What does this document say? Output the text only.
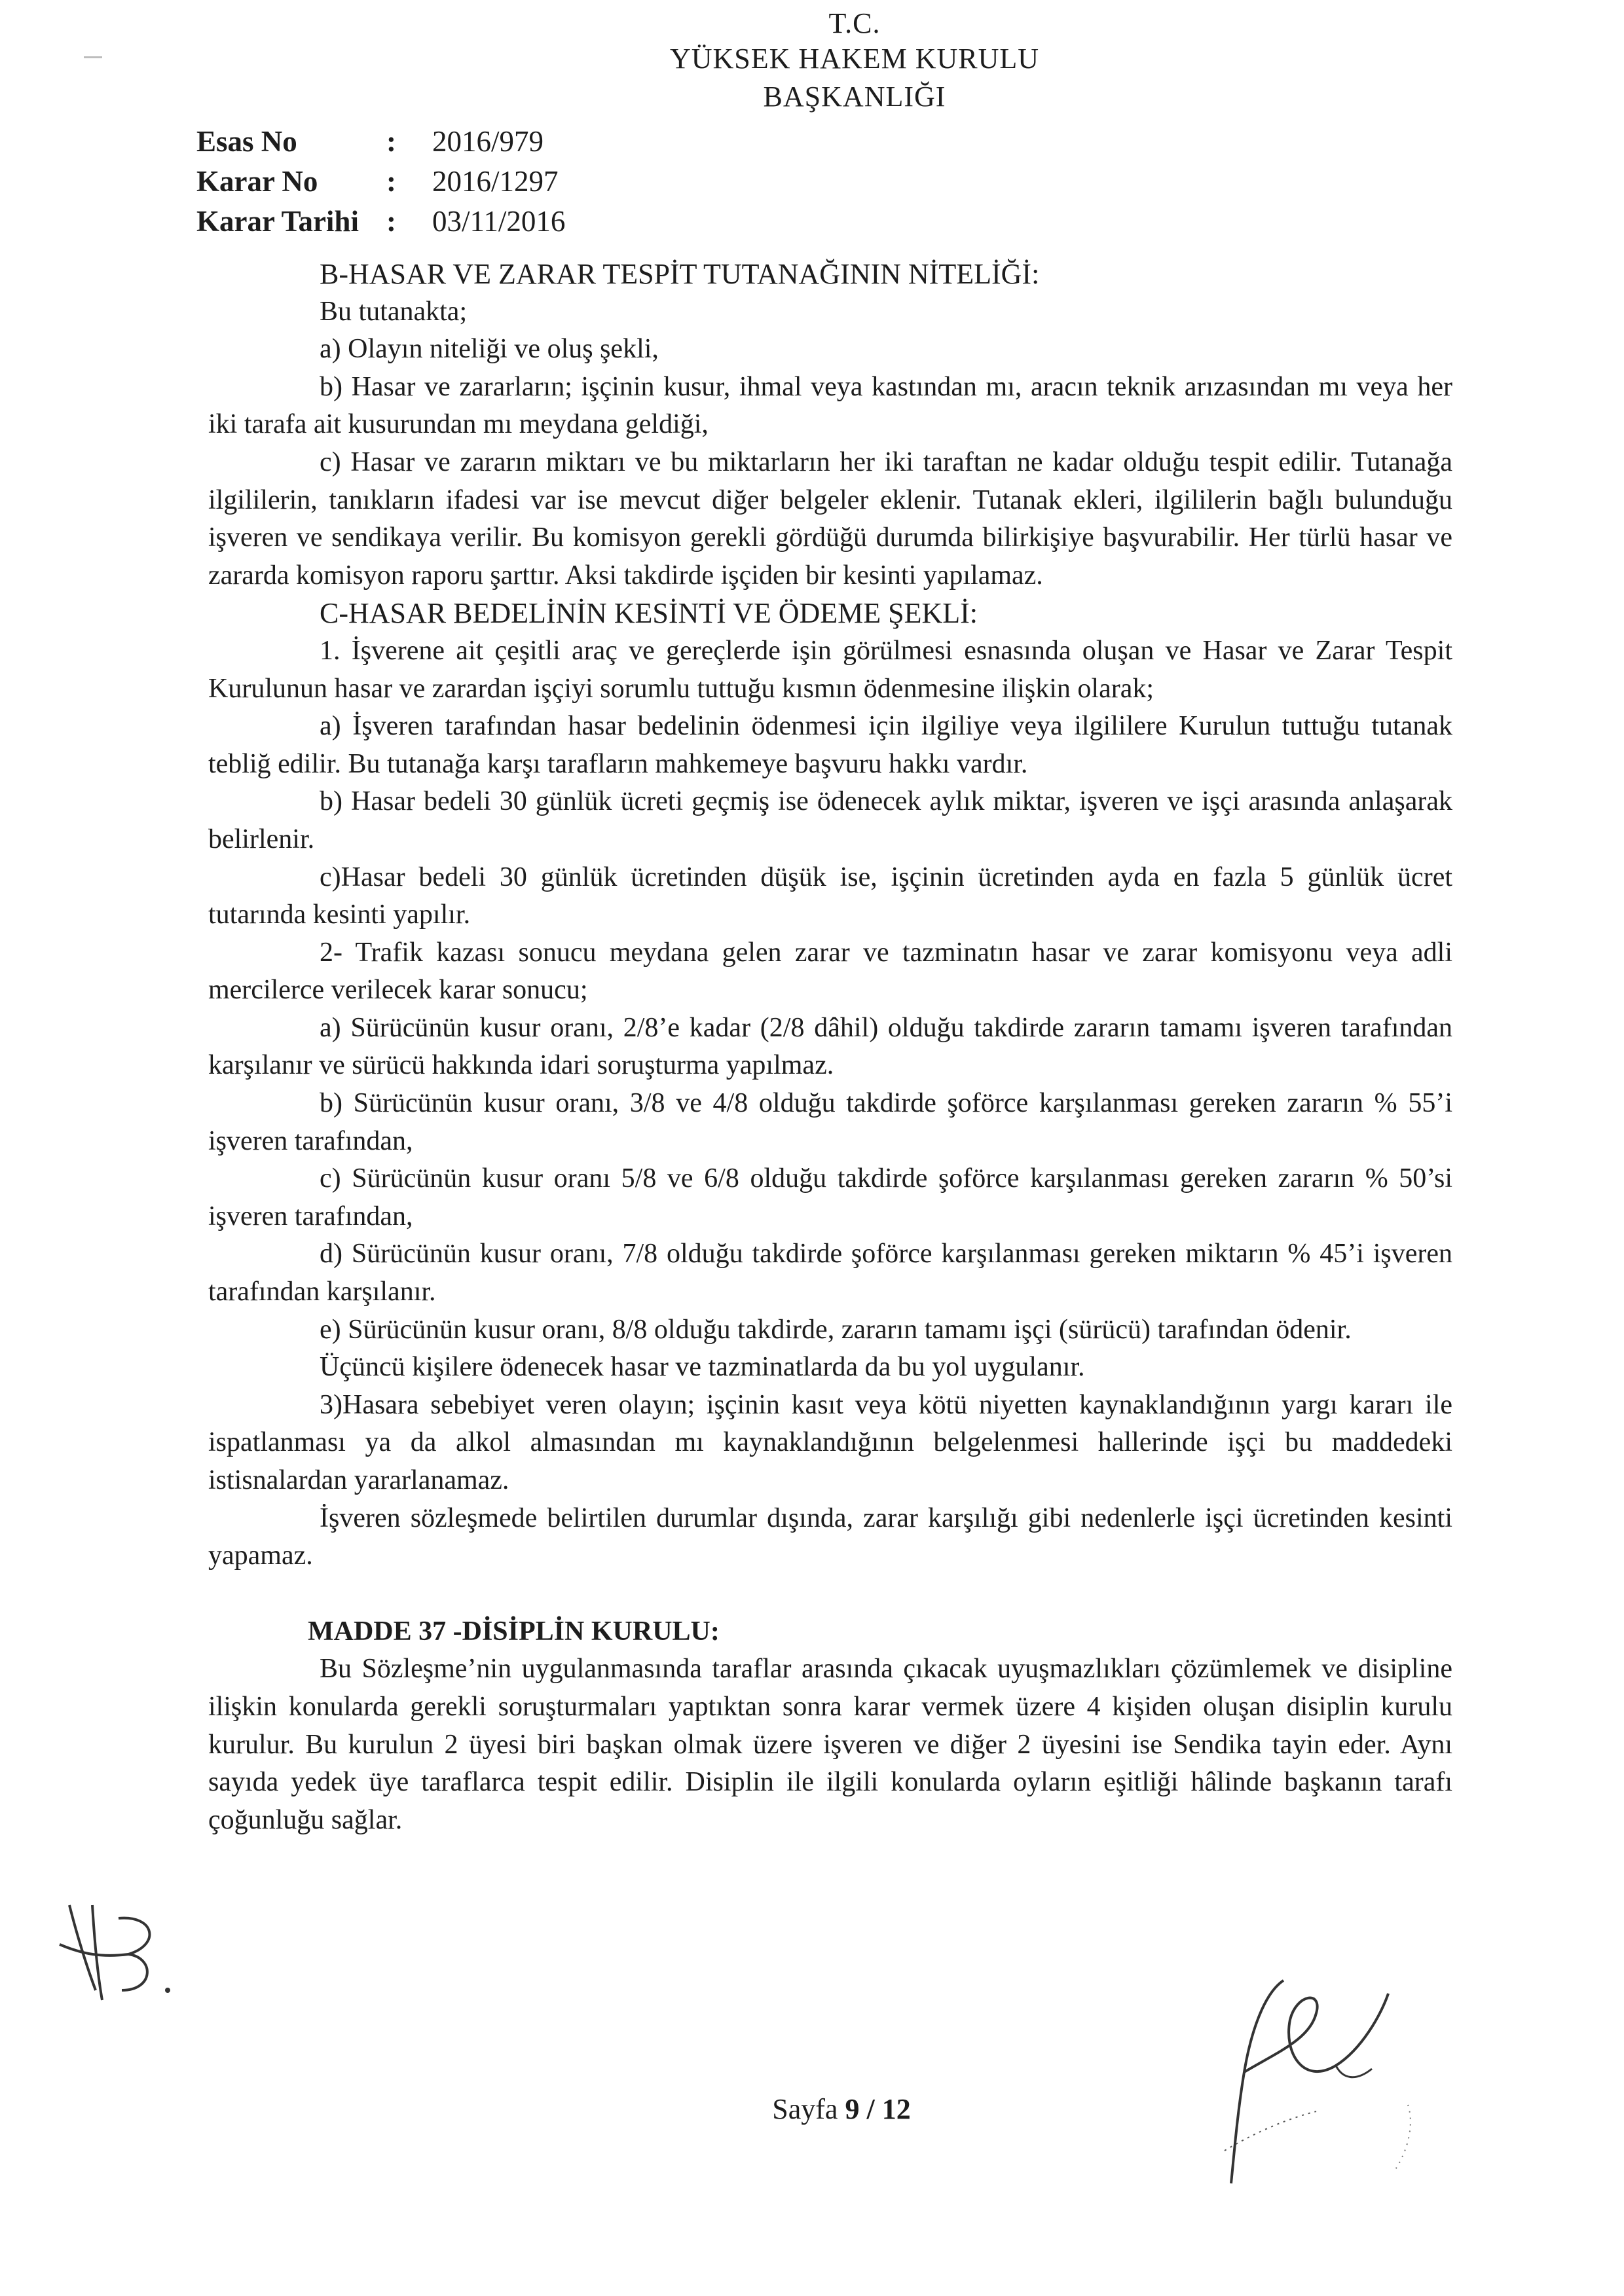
T.C.
YÜKSEK HAKEM KURULU
BAŞKANLIĞI
Esas No	:	2016/979
Karar No	:	2016/1297
Karar Tarihi :	03/11/2016

B-HASAR VE ZARAR TESPİT TUTANAĞININ NİTELİĞİ:

Bu tutanakta;

a) Olayın niteliği ve oluş şekli,

b) Hasar ve zararların; işçinin kusur, ihmal veya kastından mı, aracın teknik arızasından mı veya her iki tarafa ait kusurundan mı meydana geldiği,

c) Hasar ve zararın miktarı ve bu miktarların her iki taraftan ne kadar olduğu tespit edilir. Tutanağa ilgililerin, tanıkların ifadesi var ise mevcut diğer belgeler eklenir. Tutanak ekleri, ilgililerin bağlı bulunduğu işveren ve sendikaya verilir. Bu komisyon gerekli gördüğü durumda bilirkişiye başvurabilir. Her türlü hasar ve zararda komisyon raporu şarttır. Aksi takdirde işçiden bir kesinti yapılamaz.

C-HASAR BEDELİNİN KESİNTİ VE ÖDEME ŞEKLİ:

1. İşverene ait çeşitli araç ve gereçlerde işin görülmesi esnasında oluşan ve Hasar ve Zarar Tespit Kurulunun hasar ve zarardan işçiyi sorumlu tuttuğu kısmın ödenmesine ilişkin olarak;

a) İşveren tarafından hasar bedelinin ödenmesi için ilgiliye veya ilgililere Kurulun tuttuğu tutanak tebliğ edilir. Bu tutanağa karşı tarafların mahkemeye başvuru hakkı vardır.

b) Hasar bedeli 30 günlük ücreti geçmiş ise ödenecek aylık miktar, işveren ve işçi arasında anlaşarak belirlenir.

c)Hasar bedeli 30 günlük ücretinden düşük ise, işçinin ücretinden ayda en fazla 5 günlük ücret tutarında kesinti yapılır.

2- Trafik kazası sonucu meydana gelen zarar ve tazminatın hasar ve zarar komisyonu veya adli mercilerce verilecek karar sonucu;

a) Sürücünün kusur oranı, 2/8’e kadar (2/8 dâhil) olduğu takdirde zararın tamamı işveren tarafından karşılanır ve sürücü hakkında idari soruşturma yapılmaz.

b) Sürücünün kusur oranı, 3/8 ve 4/8 olduğu takdirde şoförce karşılanması gereken zararın % 55’i işveren tarafından,

c) Sürücünün kusur oranı 5/8 ve 6/8 olduğu takdirde şoförce karşılanması gereken zararın % 50’si işveren tarafından,

d) Sürücünün kusur oranı, 7/8 olduğu takdirde şoförce karşılanması gereken miktarın % 45’i işveren tarafından karşılanır.

e) Sürücünün kusur oranı, 8/8 olduğu takdirde, zararın tamamı işçi (sürücü) tarafından ödenir.

Üçüncü kişilere ödenecek hasar ve tazminatlarda da bu yol uygulanır.

3)Hasara sebebiyet veren olayın; işçinin kasıt veya kötü niyetten kaynaklandığının yargı kararı ile ispatlanması ya da alkol almasından mı kaynaklandığının belgelenmesi hallerinde işçi bu maddedeki istisnalardan yararlanamaz.

İşveren sözleşmede belirtilen durumlar dışında, zarar karşılığı gibi nedenlerle işçi ücretinden kesinti yapamaz.

MADDE 37 -DİSİPLİN KURULU:

Bu Sözleşme’nin uygulanmasında taraflar arasında çıkacak uyuşmazlıkları çözümlemek ve disipline ilişkin konularda gerekli soruşturmaları yaptıktan sonra karar vermek üzere 4 kişiden oluşan disiplin kurulu kurulur. Bu kurulun 2 üyesi biri başkan olmak üzere işveren ve diğer 2 üyesini ise Sendika tayin eder. Aynı sayıda yedek üye taraflarca tespit edilir. Disiplin ile ilgili konularda oyların eşitliği hâlinde başkanın tarafı çoğunluğu sağlar.

Sayfa 9 / 12
